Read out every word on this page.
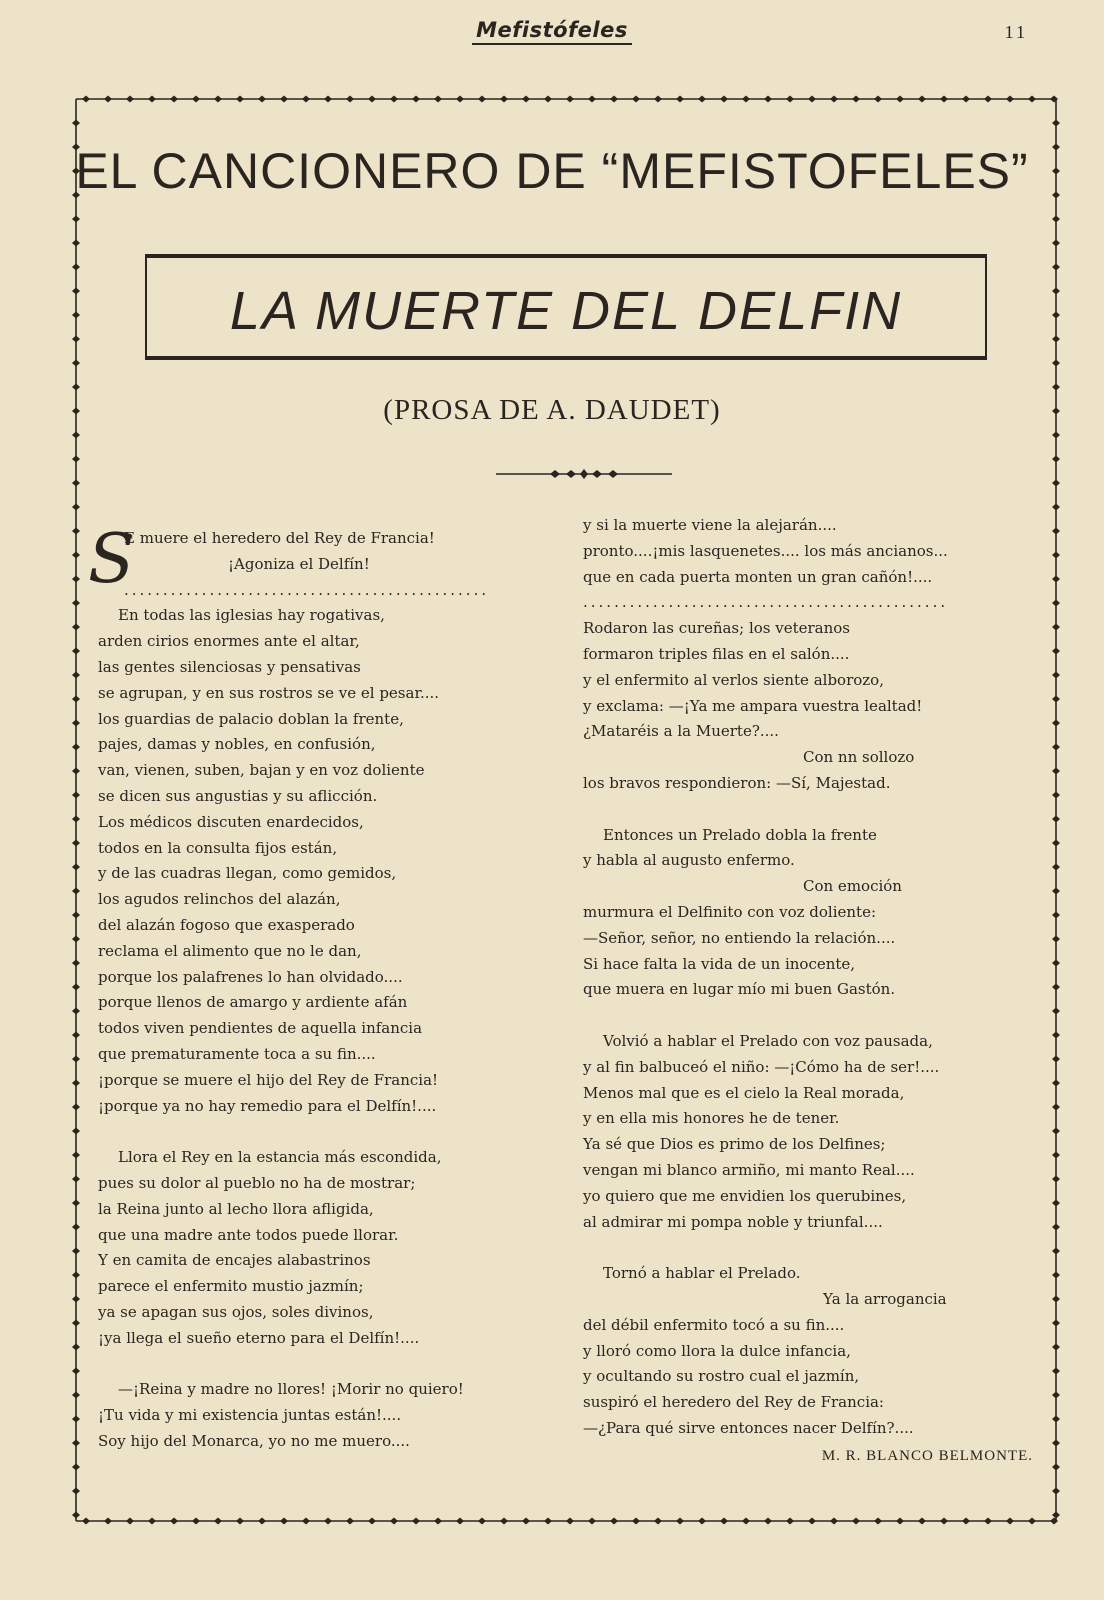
Mefistófeles	11
EL CANCIONERO DE “MEFISTOFELES”
LA MUERTE DEL DELFIN
(PROSA DE A. DAUDET)
S
E muere el heredero del Rey de Francia!
¡Agoniza el Delfín!
...............................................
En todas las iglesias hay rogativas,
arden cirios enormes ante el altar,
las gentes silenciosas y pensativas
se agrupan, y en sus rostros se ve el pesar....
los guardias de palacio doblan la frente,
pajes, damas y nobles, en confusión,
van, vienen, suben, bajan y en voz doliente
se dicen sus angustias y su aflicción.
Los médicos discuten enardecidos,
todos en la consulta fijos están,
y de las cuadras llegan, como gemidos,
los agudos relinchos del alazán,
del alazán fogoso que exasperado
reclama el alimento que no le dan,
porque los palafrenes lo han olvidado....
porque llenos de amargo y ardiente afán
todos viven pendientes de aquella infancia
que prematuramente toca a su fin....
¡porque se muere el hijo del Rey de Francia!
¡porque ya no hay remedio para el Delfín!....
Llora el Rey en la estancia más escondida,
pues su dolor al pueblo no ha de mostrar;
la Reina junto al lecho llora afligida,
que una madre ante todos puede llorar.
Y en camita de encajes alabastrinos
parece el enfermito mustio jazmín;
ya se apagan sus ojos, soles divinos,
¡ya llega el sueño eterno para el Delfín!....
—¡Reina y madre no llores! ¡Morir no quiero!
¡Tu vida y mi existencia juntas están!....
Soy hijo del Monarca, yo no me muero....
y si la muerte viene la alejarán....
pronto....¡mis lasquenetes.... los más ancianos...
que en cada puerta monten un gran cañón!....
...............................................
Rodaron las cureñas; los veteranos
formaron triples filas en el salón....
y el enfermito al verlos siente alborozo,
y exclama: —¡Ya me ampara vuestra lealtad!
¿Mataréis a la Muerte?....
Con nn sollozo
los bravos respondieron: —Sí, Majestad.
Entonces un Prelado dobla la frente
y habla al augusto enfermo.
Con emoción
murmura el Delfinito con voz doliente:
—Señor, señor, no entiendo la relación....
Si hace falta la vida de un inocente,
que muera en lugar mío mi buen Gastón.
Volvió a hablar el Prelado con voz pausada,
y al fin balbuceó el niño: —¡Cómo ha de ser!....
Menos mal que es el cielo la Real morada,
y en ella mis honores he de tener.
Ya sé que Dios es primo de los Delfines;
vengan mi blanco armiño, mi manto Real....
yo quiero que me envidien los querubines,
al admirar mi pompa noble y triunfal....
Tornó a hablar el Prelado.
Ya la arrogancia
del débil enfermito tocó a su fin....
y lloró como llora la dulce infancia,
y ocultando su rostro cual el jazmín,
suspiró el heredero del Rey de Francia:
—¿Para qué sirve entonces nacer Delfín?....
M. R. BLANCO BELMONTE.
